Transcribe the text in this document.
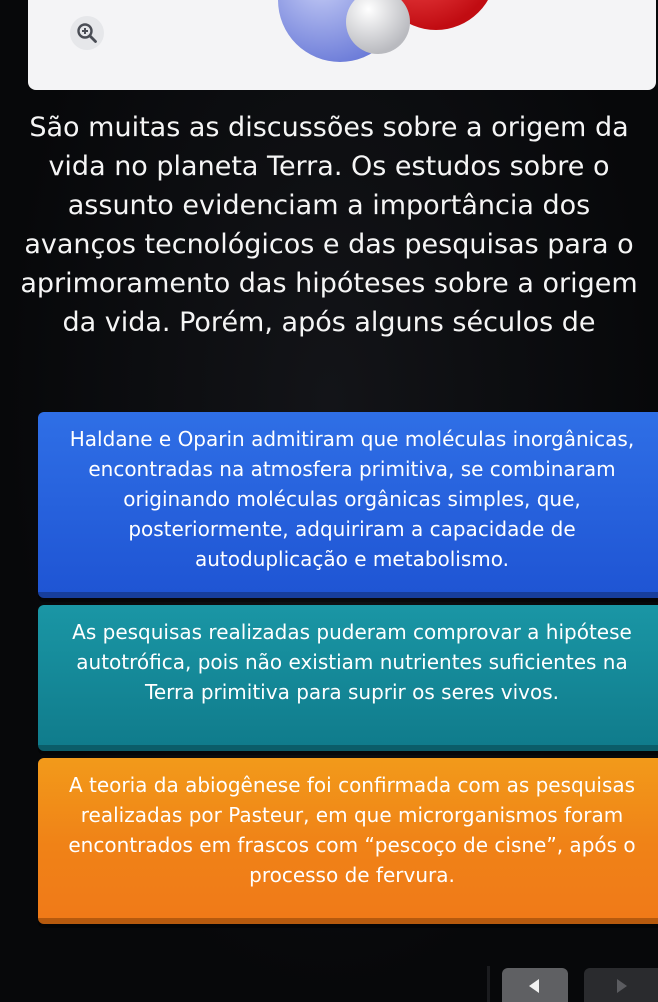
São muitas as discussões sobre a origem da vida no planeta Terra. Os estudos sobre o assunto evidenciam a importância dos avanços tecnológicos e das pesquisas para o aprimoramento das hipóteses sobre a origem da vida. Porém, após alguns séculos de

Haldane e Oparin admitiram que moléculas inorgânicas, encontradas na atmosfera primitiva, se combinaram originando moléculas orgânicas simples, que, posteriormente, adquiriram a capacidade de autoduplicação e metabolismo.
As pesquisas realizadas puderam comprovar a hipótese autotrófica, pois não existiam nutrientes suficientes na Terra primitiva para suprir os seres vivos.
A teoria da abiogênese foi confirmada com as pesquisas realizadas por Pasteur, em que microrganismos foram encontrados em frascos com “pescoço de cisne”, após o processo de fervura.
